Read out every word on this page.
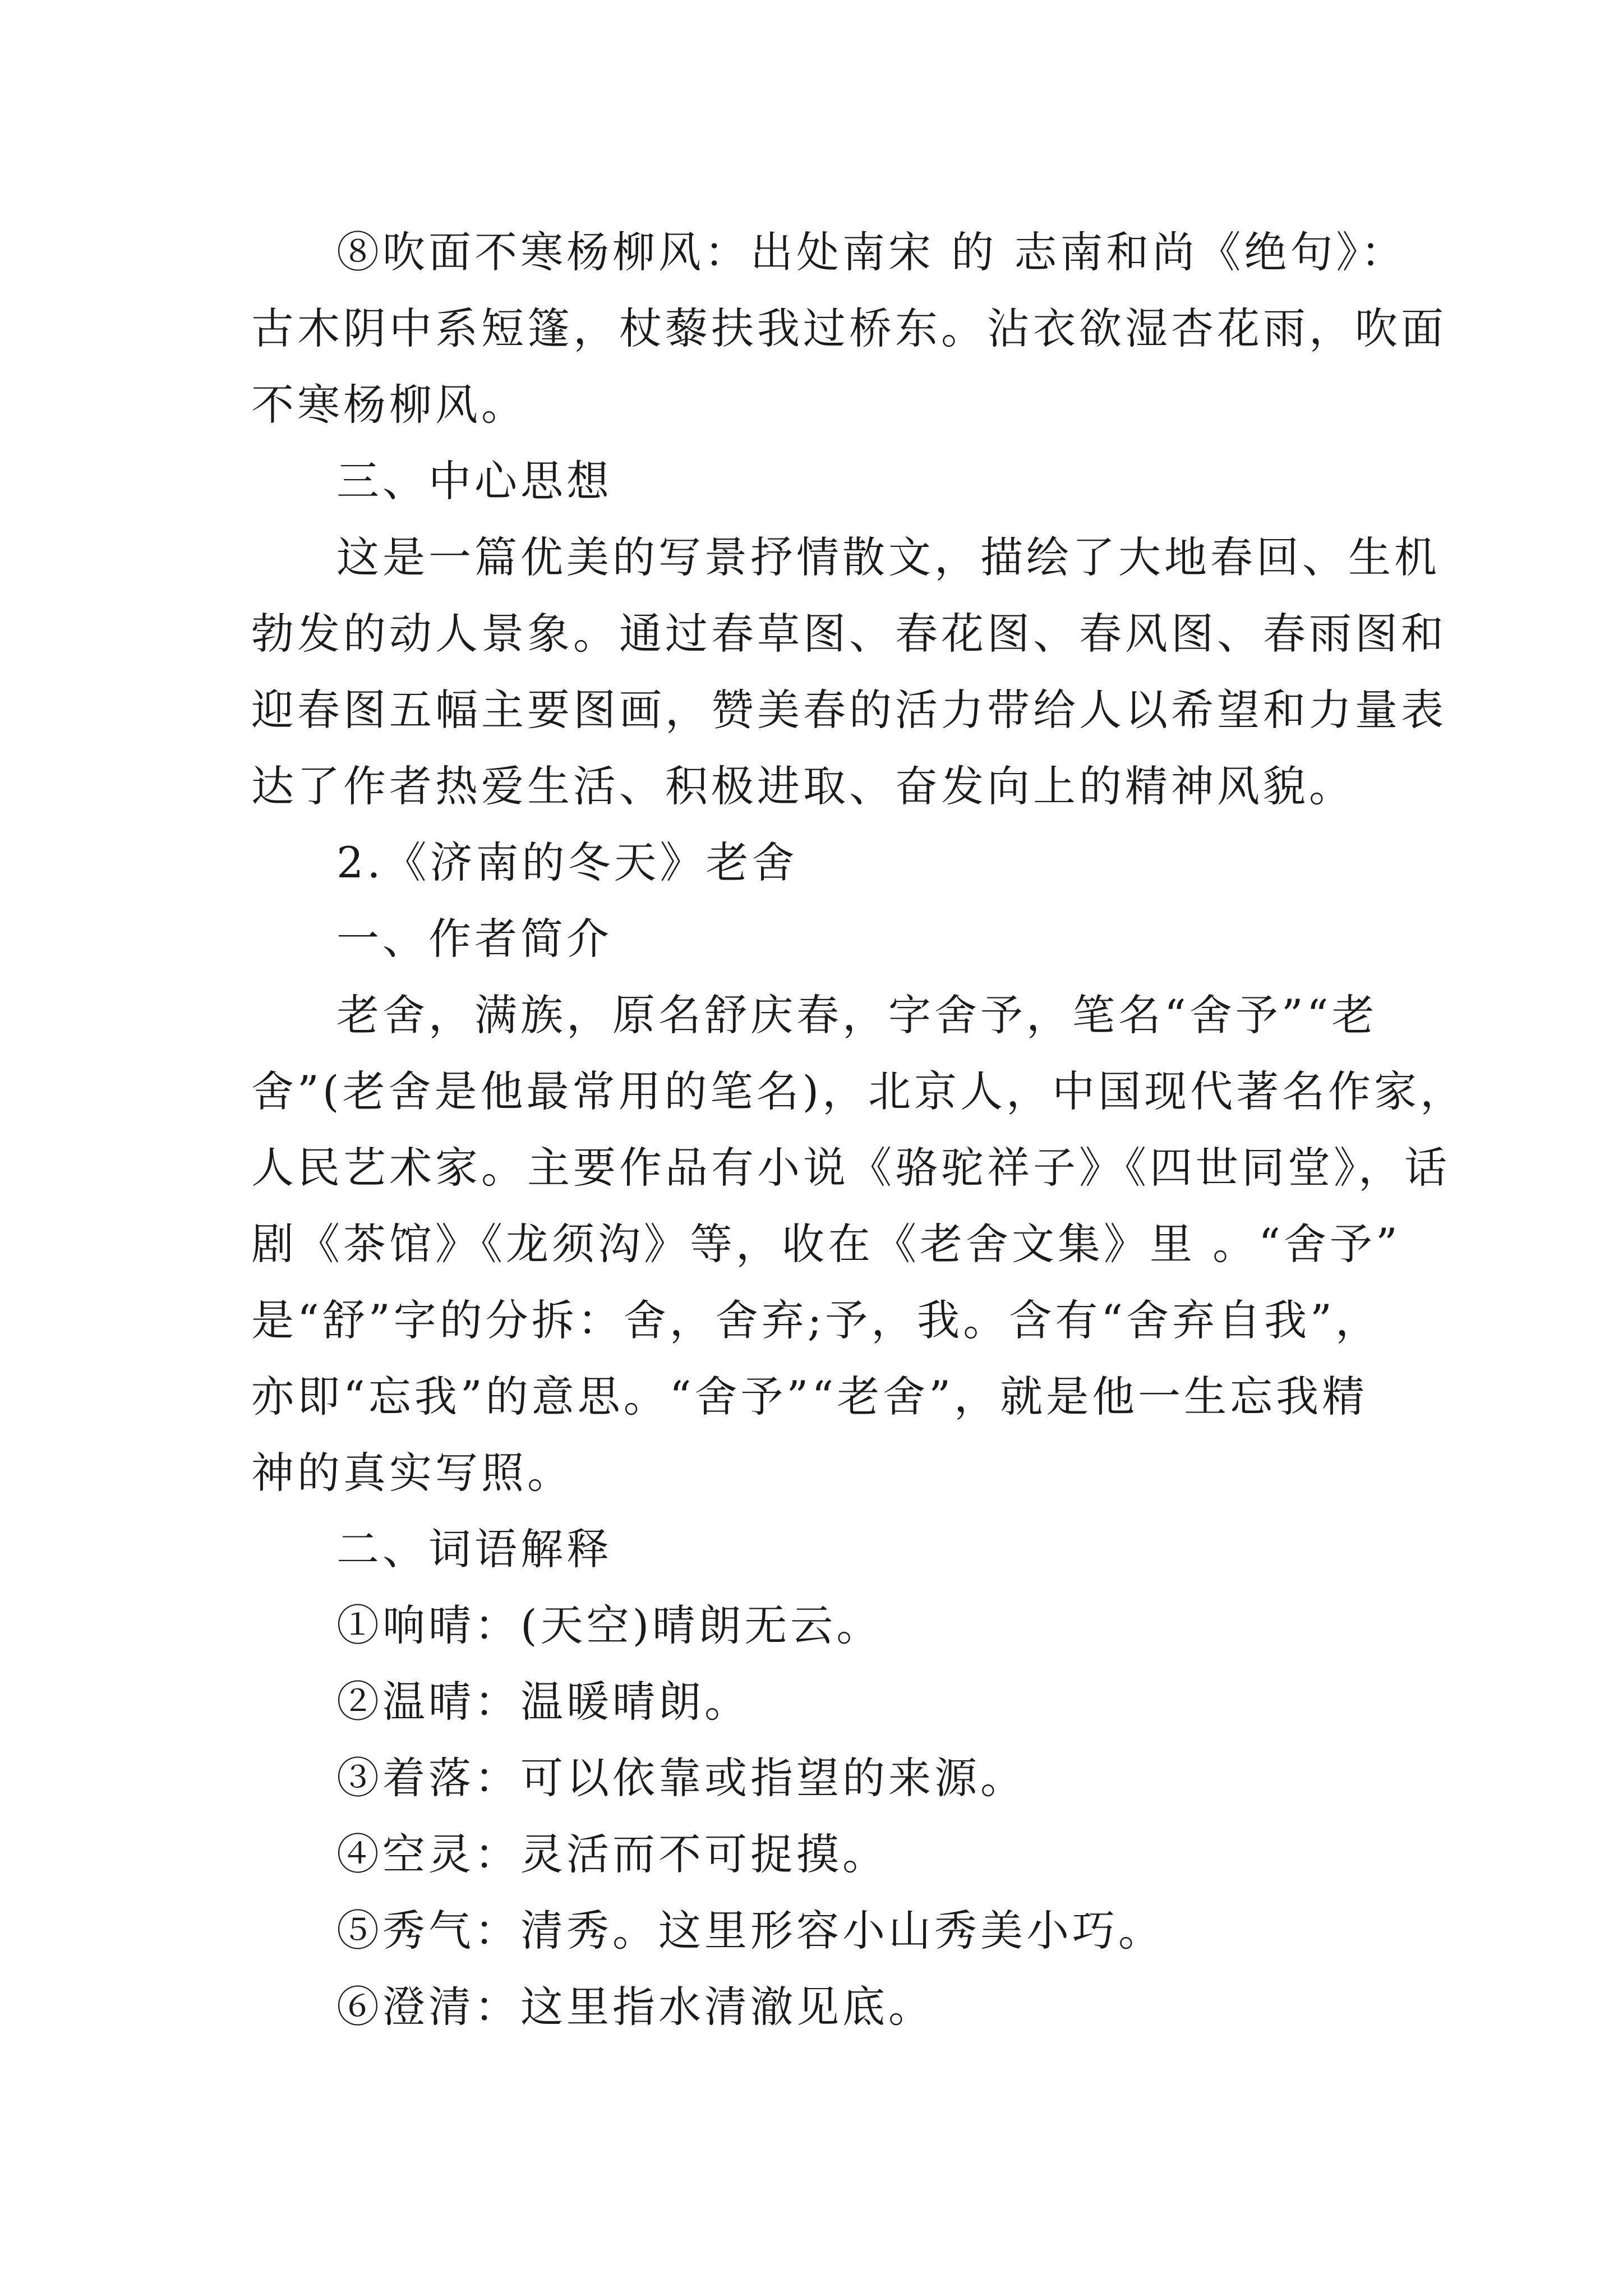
⑧吹面不寒杨柳风：出处南宋 的 志南和尚《绝句》：
古木阴中系短篷，杖藜扶我过桥东。沾衣欲湿杏花雨，吹面
不寒杨柳风。
三、中心思想
这是一篇优美的写景抒情散文，描绘了大地春回、生机
勃发的动人景象。通过春草图、春花图、春风图、春雨图和
迎春图五幅主要图画，赞美春的活力带给人以希望和力量表
达了作者热爱生活、积极进取、奋发向上的精神风貌。
2.《济南的冬天》老舍
一、作者简介
老舍，满族，原名舒庆春，字舍予，笔名“舍予”“老
舍”(老舍是他最常用的笔名)，北京人，中国现代著名作家，
人民艺术家。主要作品有小说《骆驼祥子》《四世同堂》，话
剧《茶馆》《龙须沟》等，收在《老舍文集》里 。“舍予”
是“舒”字的分拆：舍，舍弃;予，我。含有“舍弃自我”，
亦即“忘我”的意思。“舍予”“老舍”，就是他一生忘我精
神的真实写照。
二、词语解释
①响晴：(天空)晴朗无云。
②温晴：温暖晴朗。
③着落：可以依靠或指望的来源。
④空灵：灵活而不可捉摸。
⑤秀气：清秀。这里形容小山秀美小巧。
⑥澄清：这里指水清澈见底。
